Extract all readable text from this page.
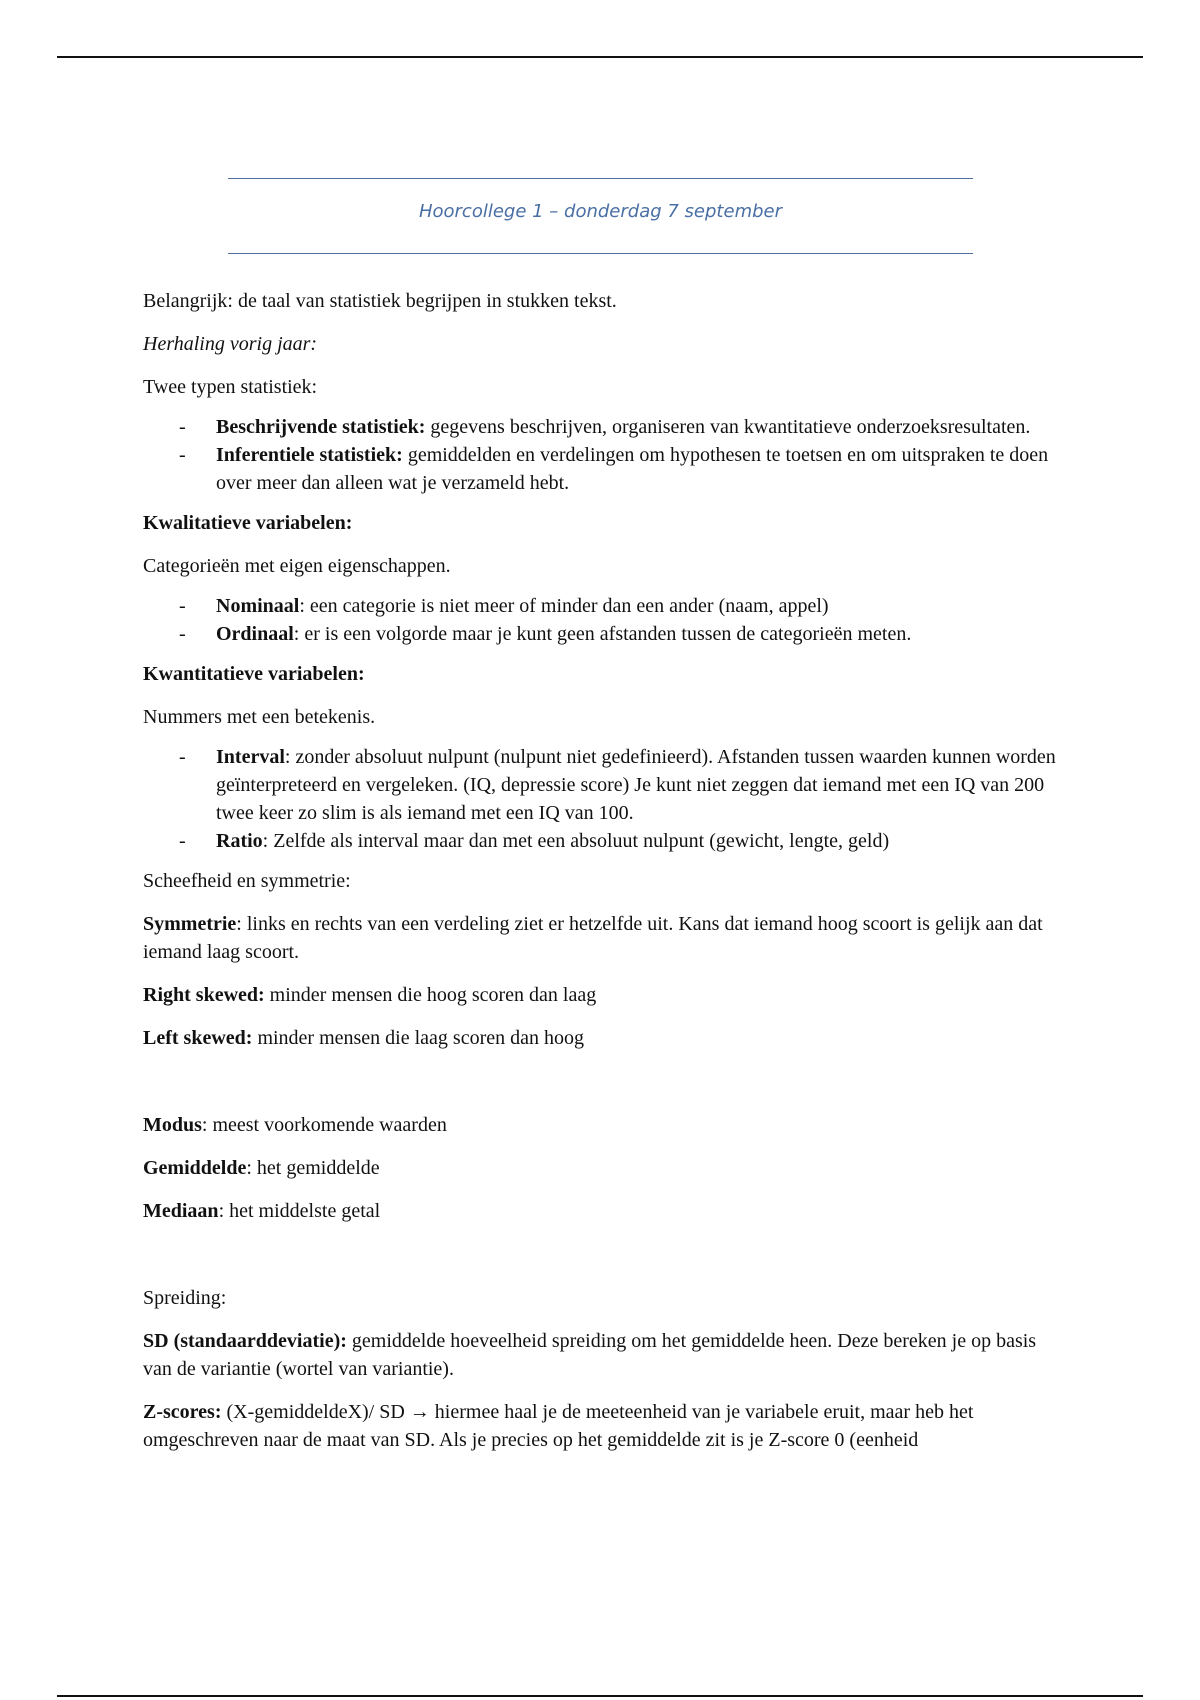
Hoorcollege 1 – donderdag 7 september

Belangrijk: de taal van statistiek begrijpen in stukken tekst.

Herhaling vorig jaar:

Twee typen statistiek:

- Beschrijvende statistiek: gegevens beschrijven, organiseren van kwantitatieve onderzoeksresultaten.
- Inferentiele statistiek: gemiddelden en verdelingen om hypothesen te toetsen en om uitspraken te doen over meer dan alleen wat je verzameld hebt.

Kwalitatieve variabelen:

Categorieën met eigen eigenschappen.

- Nominaal: een categorie is niet meer of minder dan een ander (naam, appel)
- Ordinaal: er is een volgorde maar je kunt geen afstanden tussen de categorieën meten.

Kwantitatieve variabelen:

Nummers met een betekenis.

- Interval: zonder absoluut nulpunt (nulpunt niet gedefinieerd). Afstanden tussen waarden kunnen worden geïnterpreteerd en vergeleken. (IQ, depressie score) Je kunt niet zeggen dat iemand met een IQ van 200 twee keer zo slim is als iemand met een IQ van 100.
- Ratio: Zelfde als interval maar dan met een absoluut nulpunt (gewicht, lengte, geld)

Scheefheid en symmetrie:

Symmetrie: links en rechts van een verdeling ziet er hetzelfde uit. Kans dat iemand hoog scoort is gelijk aan dat iemand laag scoort.

Right skewed: minder mensen die hoog scoren dan laag

Left skewed: minder mensen die laag scoren dan hoog

Modus: meest voorkomende waarden

Gemiddelde: het gemiddelde

Mediaan: het middelste getal

Spreiding:

SD (standaarddeviatie): gemiddelde hoeveelheid spreiding om het gemiddelde heen. Deze bereken je op basis van de variantie (wortel van variantie).

Z-scores: (X-gemiddeldeX)/ SD → hiermee haal je de meeteenheid van je variabele eruit, maar heb het omgeschreven naar de maat van SD. Als je precies op het gemiddelde zit is je Z-score 0 (eenheid
